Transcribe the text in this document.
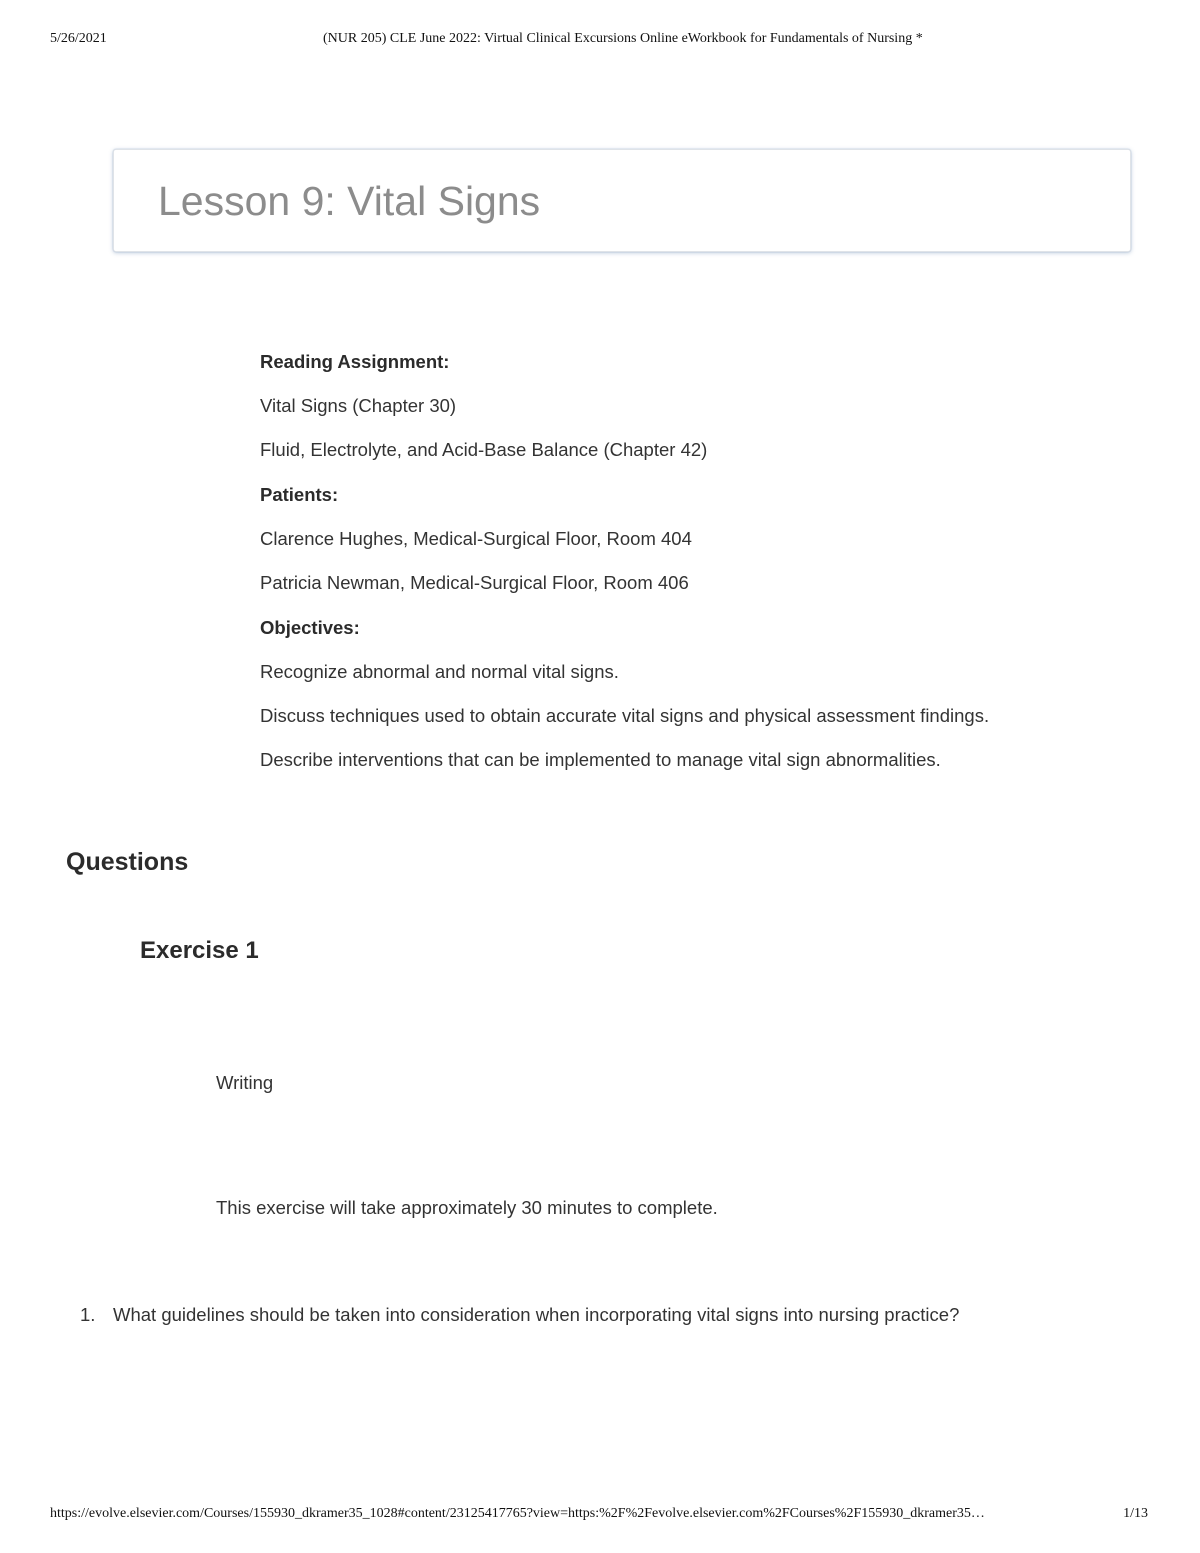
5/26/2021	(NUR 205) CLE June 2022: Virtual Clinical Excursions Online eWorkbook for Fundamentals of Nursing *
Lesson 9: Vital Signs
Reading Assignment:
Vital Signs (Chapter 30)
Fluid, Electrolyte, and Acid-Base Balance (Chapter 42)
Patients:
Clarence Hughes, Medical-Surgical Floor, Room 404
Patricia Newman, Medical-Surgical Floor, Room 406
Objectives:
Recognize abnormal and normal vital signs.
Discuss techniques used to obtain accurate vital signs and physical assessment findings.
Describe interventions that can be implemented to manage vital sign abnormalities.
Questions
Exercise 1
Writing
This exercise will take approximately 30 minutes to complete.
1. What guidelines should be taken into consideration when incorporating vital signs into nursing practice?
https://evolve.elsevier.com/Courses/155930_dkramer35_1028#content/23125417765?view=https:%2F%2Fevolve.elsevier.com%2FCourses%2F155930_dkramer35…	1/13
